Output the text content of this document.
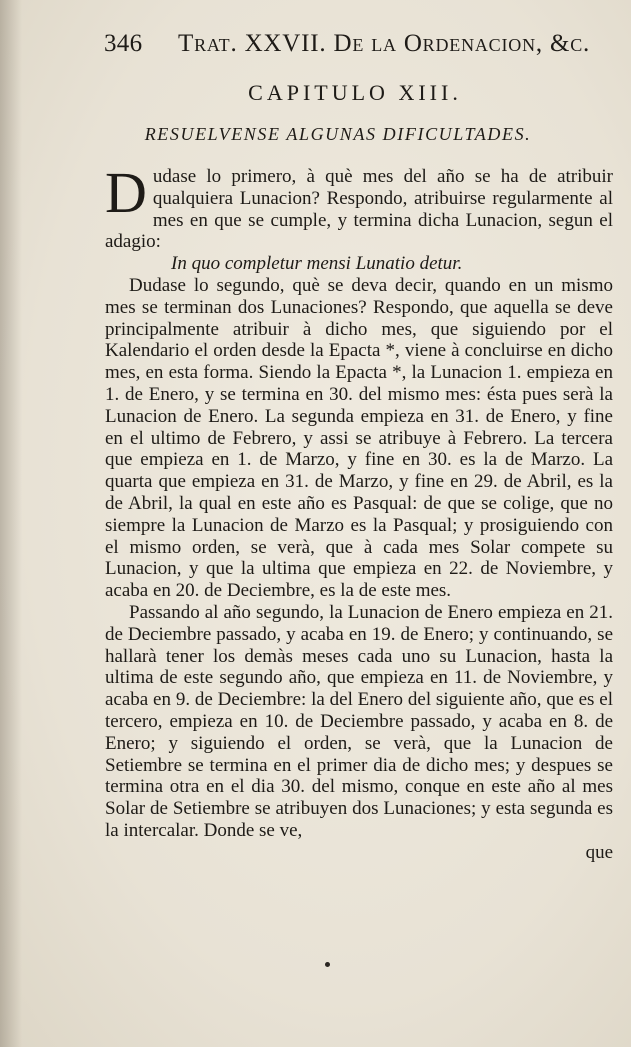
346 Trat. XXVII. De la Ordenacion, &c.
CAPITULO XIII.
RESUELVENSE ALGUNAS DIFICULTADES.

Dudase lo primero, à què mes del año se ha de atribuir qualquiera Lunacion? Respondo, atribuirse regularmente al mes en que se cumple, y termina dicha Lunacion, segun el adagio:

In quo completur mensi Lunatio detur.

Dudase lo segundo, què se deva decir, quando en un mismo mes se terminan dos Lunaciones? Respondo, que aquella se deve principalmente atribuir à dicho mes, que siguiendo por el Kalendario el orden desde la Epacta *, viene à concluirse en dicho mes, en esta forma. Siendo la Epacta *, la Lunacion 1. empieza en 1. de Enero, y se termina en 30. del mismo mes: ésta pues serà la Lunacion de Enero. La segunda empieza en 31. de Enero, y fine en el ultimo de Febrero, y assi se atribuye à Febrero. La tercera que empieza en 1. de Marzo, y fine en 30. es la de Marzo. La quarta que empieza en 31. de Marzo, y fine en 29. de Abril, es la de Abril, la qual en este año es Pasqual: de que se colige, que no siempre la Lunacion de Marzo es la Pasqual; y prosiguiendo con el mismo orden, se verà, que à cada mes Solar compete su Lunacion, y que la ultima que empieza en 22. de Noviembre, y acaba en 20. de Deciembre, es la de este mes.

Passando al año segundo, la Lunacion de Enero empieza en 21. de Deciembre passado, y acaba en 19. de Enero; y continuando, se hallarà tener los demàs meses cada uno su Lunacion, hasta la ultima de este segundo año, que empieza en 11. de Noviembre, y acaba en 9. de Deciembre: la del Enero del siguiente año, que es el tercero, empieza en 10. de Deciembre passado, y acaba en 8. de Enero; y siguiendo el orden, se verà, que la Lunacion de Setiembre se termina en el primer dia de dicho mes; y despues se termina otra en el dia 30. del mismo, conque en este año al mes Solar de Setiembre se atribuyen dos Lunaciones; y esta segunda es la intercalar. Donde se ve,

que
